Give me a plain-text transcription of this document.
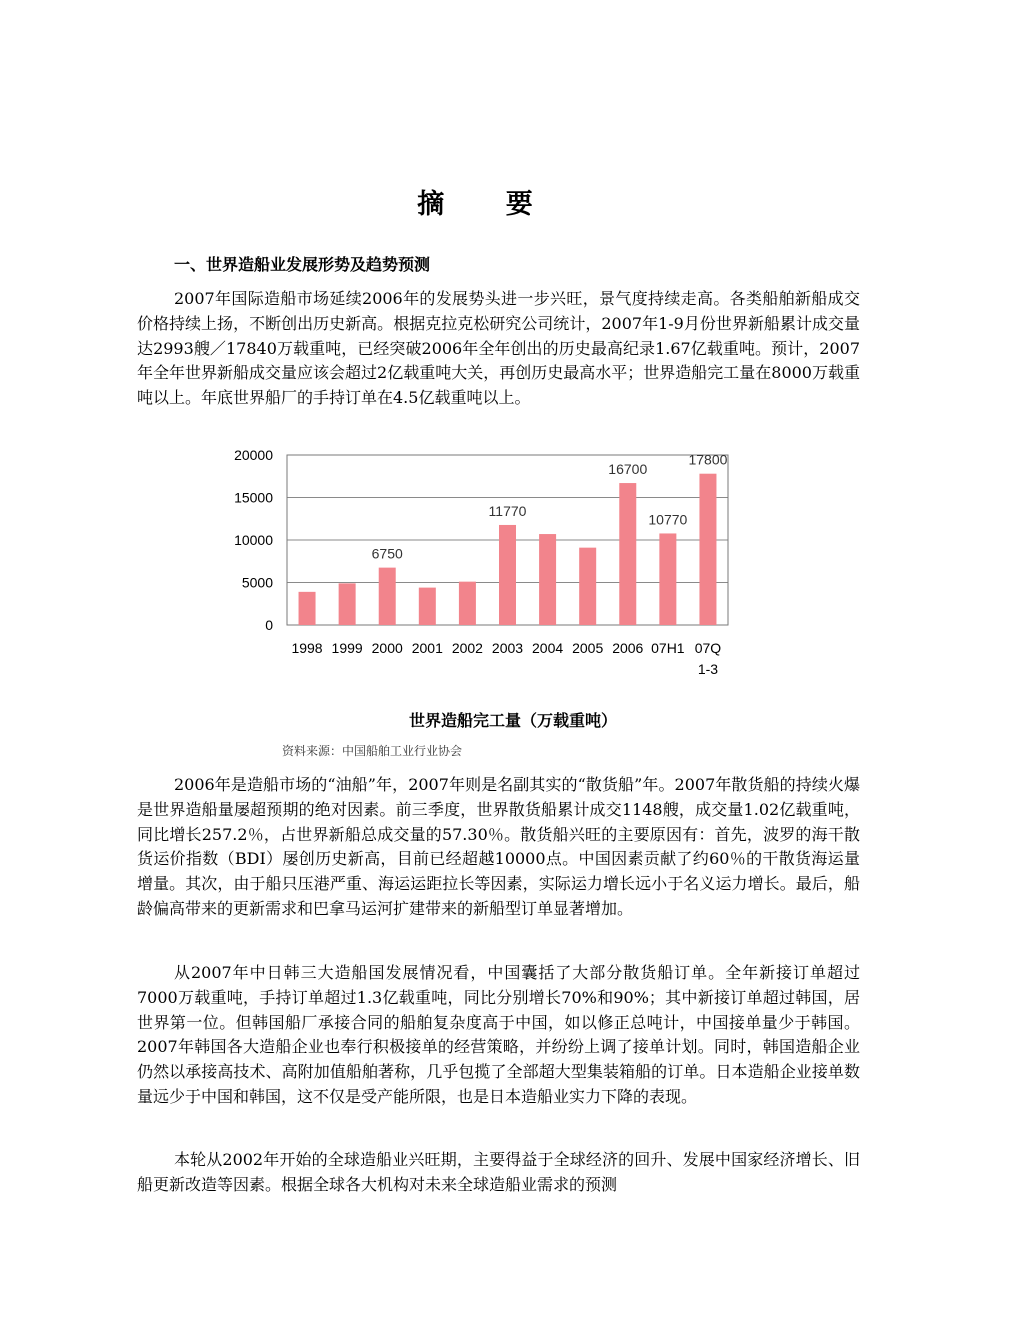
摘 要
一、世界造船业发展形势及趋势预测

2007年国际造船市场延续2006年的发展势头进一步兴旺，景气度持续走高。各类船舶新船成交价格持续上扬，不断创出历史新高。根据克拉克松研究公司统计，2007年1-9月份世界新船累计成交量达2993艘／17840万载重吨，已经突破2006年全年创出的历史最高纪录1.67亿载重吨。预计，2007年全年世界新船成交量应该会超过2亿载重吨大关，再创历史最高水平；世界造船完工量在8000万载重吨以上。年底世界船厂的手持订单在4.5亿载重吨以上。

0
5000
10000
15000
20000
1998 1999 2000 2001 2002 2003 2004 2005 2006 07H1 07Q 1-3
6750
11770
16700
10770
17800
世界造船完工量（万载重吨）
资料来源：中国船舶工业行业协会

2006年是造船市场的“油船”年，2007年则是名副其实的“散货船”年。2007年散货船的持续火爆是世界造船量屡超预期的绝对因素。前三季度，世界散货船累计成交1148艘，成交量1.02亿载重吨，同比增长257.2％，占世界新船总成交量的57.30％。散货船兴旺的主要原因有：首先，波罗的海干散货运价指数（BDI）屡创历史新高，目前已经超越10000点。中国因素贡献了约60％的干散货海运量增量。其次，由于船只压港严重、海运运距拉长等因素，实际运力增长远小于名义运力增长。最后，船龄偏高带来的更新需求和巴拿马运河扩建带来的新船型订单显著增加。

从2007年中日韩三大造船国发展情况看，中国囊括了大部分散货船订单。全年新接订单超过7000万载重吨，手持订单超过1.3亿载重吨，同比分别增长70%和90%；其中新接订单超过韩国，居世界第一位。但韩国船厂承接合同的船舶复杂度高于中国，如以修正总吨计，中国接单量少于韩国。2007年韩国各大造船企业也奉行积极接单的经营策略，并纷纷上调了接单计划。同时，韩国造船企业仍然以承接高技术、高附加值船舶著称，几乎包揽了全部超大型集装箱船的订单。日本造船企业接单数量远少于中国和韩国，这不仅是受产能所限，也是日本造船业实力下降的表现。

本轮从2002年开始的全球造船业兴旺期，主要得益于全球经济的回升、发展中国家经济增长、旧船更新改造等因素。根据全球各大机构对未来全球造船业需求的预测
